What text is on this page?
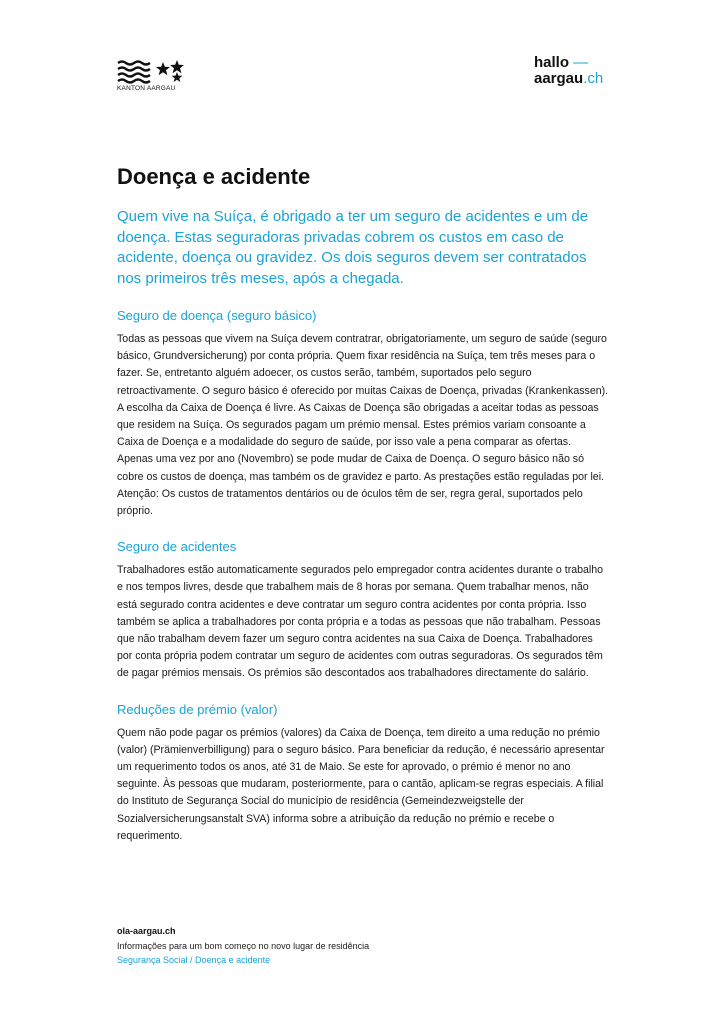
KANTON AARGAU
hallo —
aargau.ch
Doença e acidente

Quem vive na Suíça, é obrigado a ter um seguro de acidentes e um de doença. Estas seguradoras privadas cobrem os custos em caso de acidente, doença ou gravidez. Os dois seguros devem ser contratados nos primeiros três meses, após a chegada.

Seguro de doença (seguro básico)

Todas as pessoas que vivem na Suíça devem contratrar, obrigatoriamente, um seguro de saúde (seguro básico, Grundversicherung) por conta própria. Quem fixar residência na Suíça, tem três meses para o fazer. Se, entretanto alguém adoecer, os custos serão, também, suportados pelo seguro retroactivamente. O seguro básico é oferecido por muitas Caixas de Doença, privadas (Krankenkassen). A escolha da Caixa de Doença é livre. As Caixas de Doença são obrigadas a aceitar todas as pessoas que residem na Suíça. Os segurados pagam um prémio mensal. Estes prémios variam consoante a Caixa de Doença e a modalidade do seguro de saúde, por isso vale a pena comparar as ofertas. Apenas uma vez por ano (Novembro) se pode mudar de Caixa de Doença. O seguro básico não só cobre os custos de doença, mas também os de gravidez e parto. As prestações estão reguladas por lei. Atenção: Os custos de tratamentos dentários ou de óculos têm de ser, regra geral, suportados pelo próprio.

Seguro de acidentes

Trabalhadores estão automaticamente segurados pelo empregador contra acidentes durante o trabalho e nos tempos livres, desde que trabalhem mais de 8 horas por semana. Quem trabalhar menos, não está segurado contra acidentes e deve contratar um seguro contra acidentes por conta própria. Isso também se aplica a trabalhadores por conta própria e a todas as pessoas que não trabalham. Pessoas que não trabalham devem fazer um seguro contra acidentes na sua Caixa de Doença. Trabalhadores por conta própria podem contratar um seguro de acidentes com outras seguradoras. Os segurados têm de pagar prémios mensais. Os prémios são descontados aos trabalhadores directamente do salário.

Reduções de prémio (valor)

Quem não pode pagar os prémios (valores) da Caixa de Doença, tem direito a uma redução no prémio (valor) (Prämienverbilligung) para o seguro básico. Para beneficiar da redução, é necessário apresentar um requerimento todos os anos, até 31 de Maio. Se este for aprovado, o prémio é menor no ano seguinte. Às pessoas que mudaram, posteriormente, para o cantão, aplicam-se regras especiais. A filial do Instituto de Segurança Social do município de residência (Gemeindezweigstelle der Sozialversicherungsanstalt SVA) informa sobre a atribuição da redução no prémio e recebe o requerimento.

ola-aargau.ch
Informações para um bom começo no novo lugar de residência
Segurança Social / Doença e acidente
